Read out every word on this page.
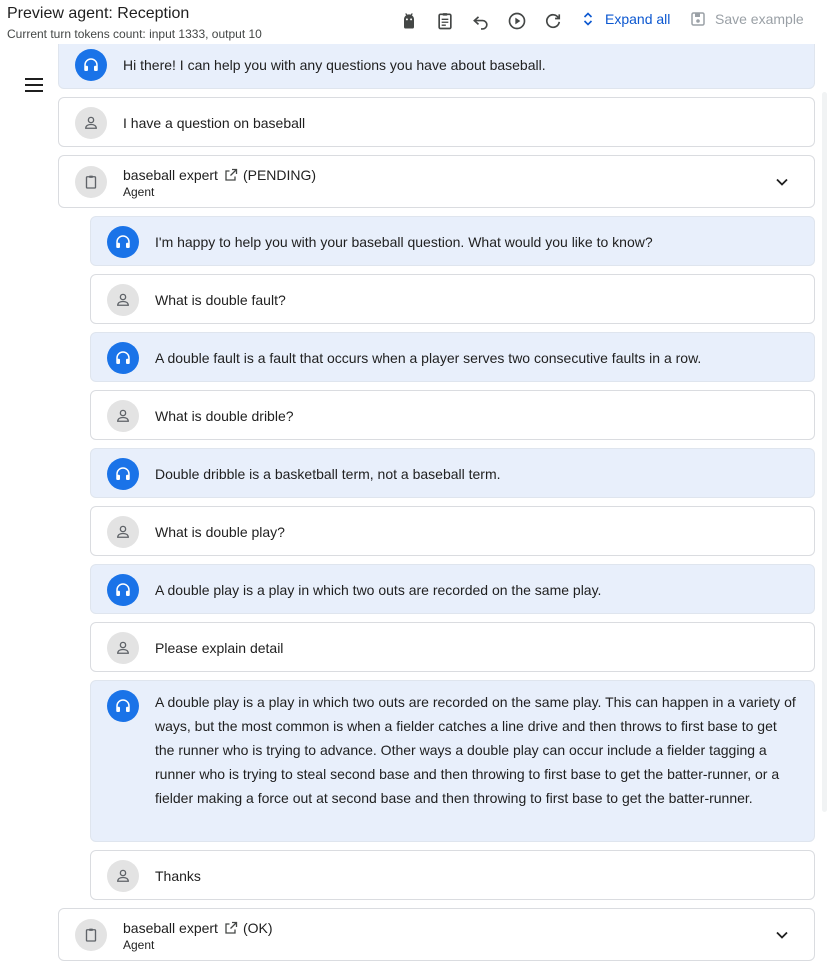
Preview agent: Reception
Current turn tokens count: input 1333, output 10
Expand all	Save example
Hi there! I can help you with any questions you have about baseball.
I have a question on baseball
baseball expert (PENDING)
Agent
I'm happy to help you with your baseball question. What would you like to know?
What is double fault?
A double fault is a fault that occurs when a player serves two consecutive faults in a row.
What is double drible?
Double dribble is a basketball term, not a baseball term.
What is double play?
A double play is a play in which two outs are recorded on the same play.
Please explain detail
A double play is a play in which two outs are recorded on the same play. This can happen in a variety of ways, but the most common is when a fielder catches a line drive and then throws to first base to get the runner who is trying to advance. Other ways a double play can occur include a fielder tagging a runner who is trying to steal second base and then throwing to first base to get the batter-runner, or a fielder making a force out at second base and then throwing to first base to get the batter-runner.
Thanks
baseball expert (OK)
Agent
